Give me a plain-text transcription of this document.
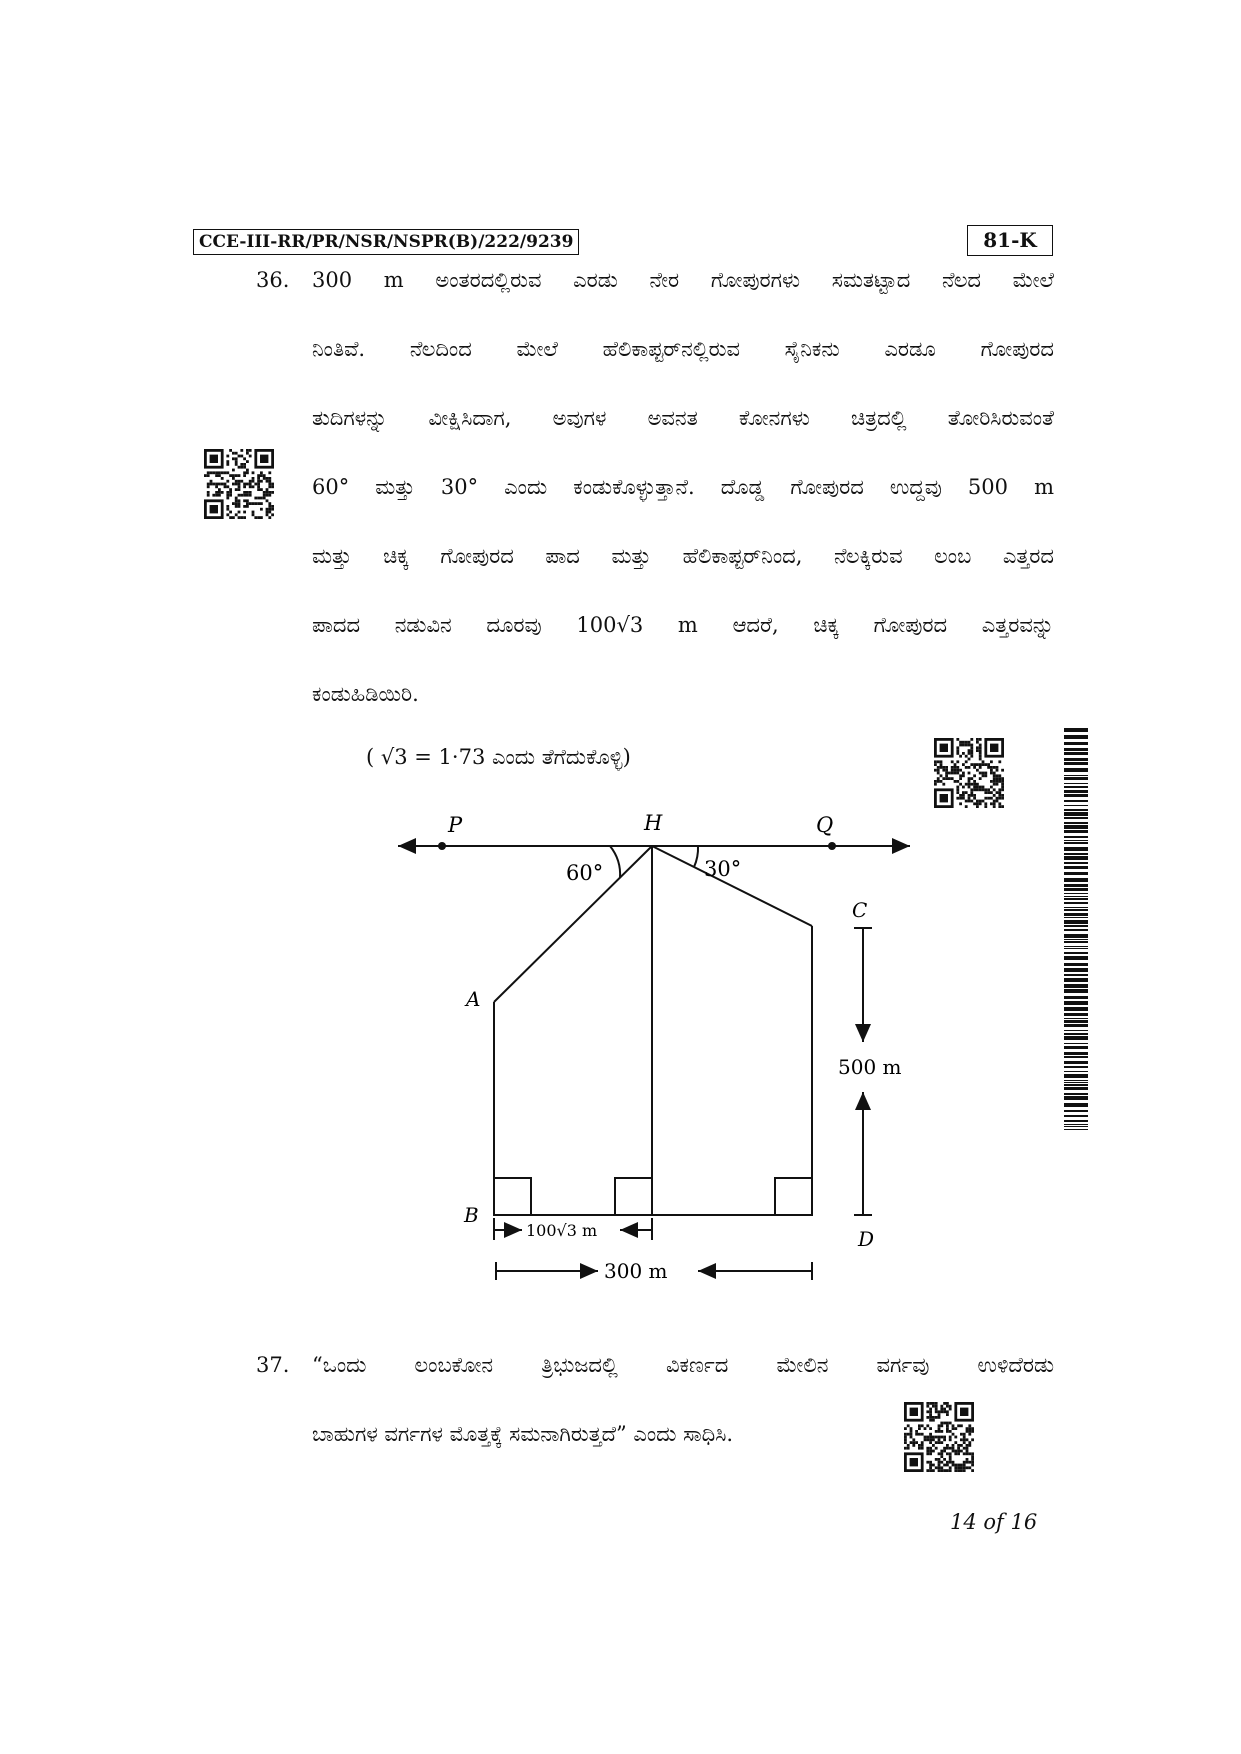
CCE-III-RR/PR/NSR/NSPR(B)/222/9239	81-K
36. 300 m ಅಂತರದಲ್ಲಿರುವ ಎರಡು ನೇರ ಗೋಪುರಗಳು ಸಮತಟ್ಟಾದ ನೆಲದ ಮೇಲೆ
ನಿಂತಿವೆ. ನೆಲದಿಂದ ಮೇಲೆ ಹೆಲಿಕಾಪ್ಟರ್‌ನಲ್ಲಿರುವ ಸೈನಿಕನು ಎರಡೂ ಗೋಪುರದ
ತುದಿಗಳನ್ನು ವೀಕ್ಷಿಸಿದಾಗ, ಅವುಗಳ ಅವನತ ಕೋನಗಳು ಚಿತ್ರದಲ್ಲಿ ತೋರಿಸಿರುವಂತೆ
60° ಮತ್ತು 30° ಎಂದು ಕಂಡುಕೊಳ್ಳುತ್ತಾನೆ. ದೊಡ್ಡ ಗೋಪುರದ ಉದ್ದವು 500 m
ಮತ್ತು ಚಿಕ್ಕ ಗೋಪುರದ ಪಾದ ಮತ್ತು ಹೆಲಿಕಾಪ್ಟರ್‌ನಿಂದ, ನೆಲಕ್ಕಿರುವ ಲಂಬ ಎತ್ತರದ
ಪಾದದ ನಡುವಿನ ದೂರವು 100√3 m ಆದರೆ, ಚಿಕ್ಕ ಗೋಪುರದ ಎತ್ತರವನ್ನು
ಕಂಡುಹಿಡಿಯಿರಿ.
( √3 = 1·73 ಎಂದು ತೆಗೆದುಕೊಳ್ಳಿ)
P	H	Q
60°	30°
A
B
C
D
500 m
100√3 m
300 m
37. “ಒಂದು ಲಂಬಕೋನ ತ್ರಿಭುಜದಲ್ಲಿ ವಿಕರ್ಣದ ಮೇಲಿನ ವರ್ಗವು ಉಳಿದೆರಡು
ಬಾಹುಗಳ ವರ್ಗಗಳ ಮೊತ್ತಕ್ಕೆ ಸಮನಾಗಿರುತ್ತದೆ” ಎಂದು ಸಾಧಿಸಿ.
14 of 16
